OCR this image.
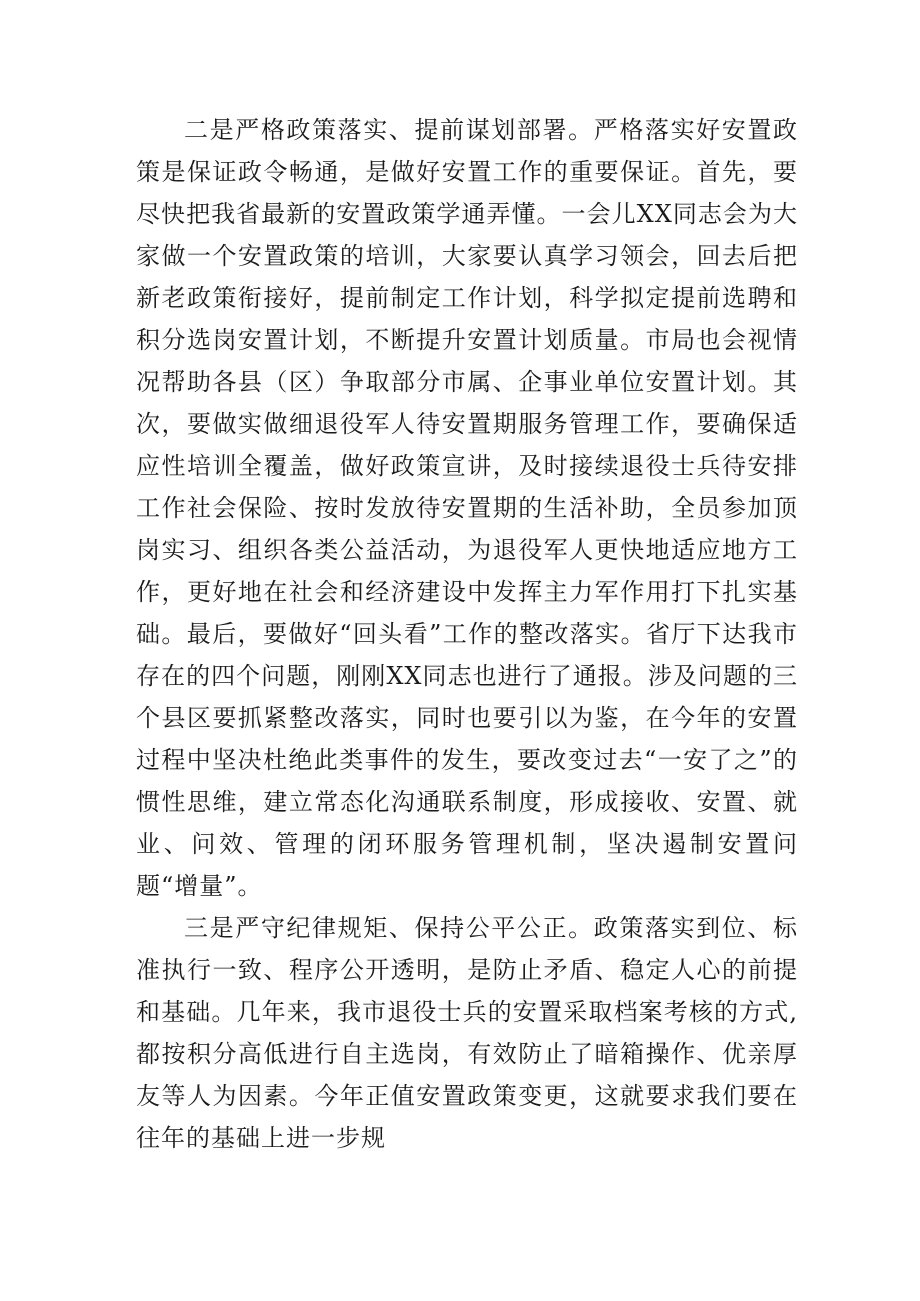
二是严格政策落实、提前谋划部署。严格落实好安置政策是保证政令畅通，是做好安置工作的重要保证。首先，要尽快把我省最新的安置政策学通弄懂。一会儿XX同志会为大家做一个安置政策的培训，大家要认真学习领会，回去后把新老政策衔接好，提前制定工作计划，科学拟定提前选聘和积分选岗安置计划，不断提升安置计划质量。市局也会视情况帮助各县（区）争取部分市属、企事业单位安置计划。其次，要做实做细退役军人待安置期服务管理工作，要确保适应性培训全覆盖，做好政策宣讲，及时接续退役士兵待安排工作社会保险、按时发放待安置期的生活补助，全员参加顶岗实习、组织各类公益活动，为退役军人更快地适应地方工作，更好地在社会和经济建设中发挥主力军作用打下扎实基础。最后，要做好“回头看”工作的整改落实。省厅下达我市存在的四个问题，刚刚XX同志也进行了通报。涉及问题的三个县区要抓紧整改落实，同时也要引以为鉴，在今年的安置过程中坚决杜绝此类事件的发生，要改变过去“一安了之”的惯性思维，建立常态化沟通联系制度，形成接收、安置、就业、问效、管理的闭环服务管理机制，坚决遏制安置问题“增量”。

三是严守纪律规矩、保持公平公正。政策落实到位、标准执行一致、程序公开透明，是防止矛盾、稳定人心的前提和基础。几年来，我市退役士兵的安置采取档案考核的方式,都按积分高低进行自主选岗，有效防止了暗箱操作、优亲厚友等人为因素。今年正值安置政策变更，这就要求我们要在往年的基础上进一步规
